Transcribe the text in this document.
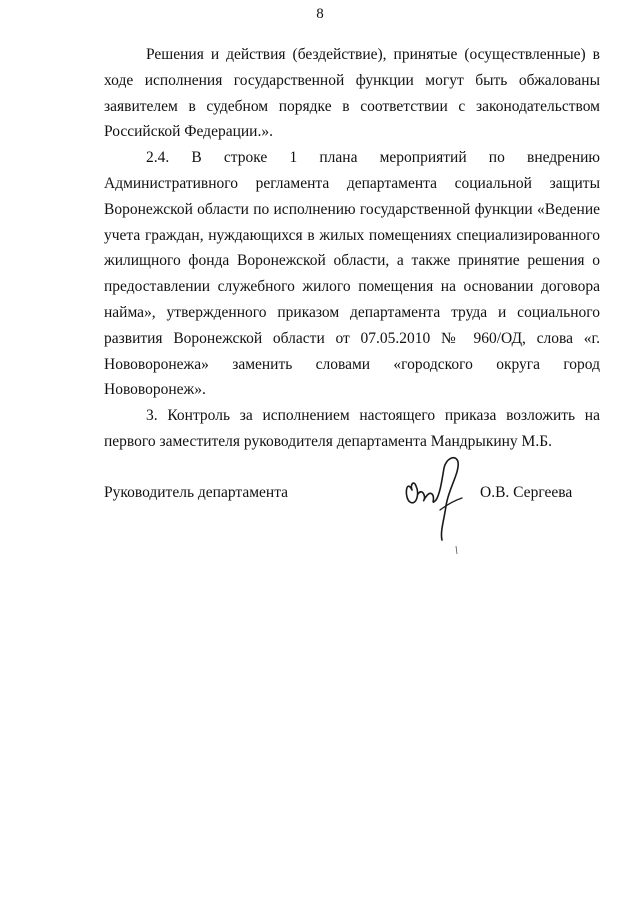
8

Решения и действия (бездействие), принятые (осуществленные) в ходе исполнения государственной функции могут быть обжалованы заявителем в судебном порядке в соответствии с законодательством Российской Федерации.».

2.4. В строке 1 плана мероприятий по внедрению Административного регламента департамента социальной защиты Воронежской области по исполнению государственной функции «Ведение учета граждан, нуждающихся в жилых помещениях специализированного жилищного фонда Воронежской области, а также принятие решения о предоставлении служебного жилого помещения на основании договора найма», утвержденного приказом департамента труда и социального развития Воронежской области от 07.05.2010 № 960/ОД, слова «г. Нововоронежа» заменить словами «городского округа город Нововоронеж».

3. Контроль за исполнением настоящего приказа возложить на первого заместителя руководителя департамента Мандрыкину М.Б.

Руководитель департамента	О.В. Сергеева
